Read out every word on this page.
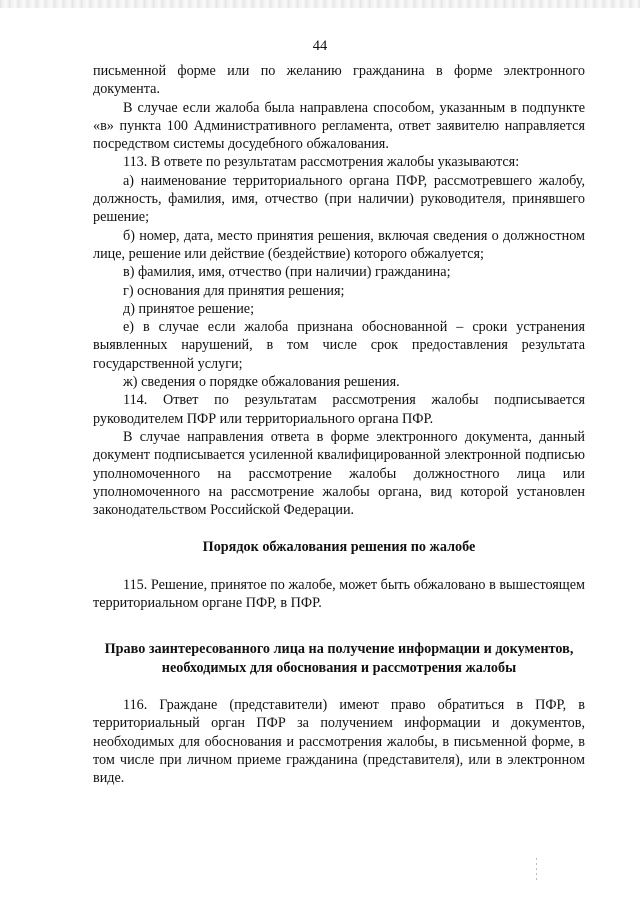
44

письменной форме или по желанию гражданина в форме электронного документа.

В случае если жалоба была направлена способом, указанным в подпункте «в» пункта 100 Административного регламента, ответ заявителю направляется посредством системы досудебного обжалования.

113. В ответе по результатам рассмотрения жалобы указываются:

а) наименование территориального органа ПФР, рассмотревшего жалобу, должность, фамилия, имя, отчество (при наличии) руководителя, принявшего решение;

б) номер, дата, место принятия решения, включая сведения о должностном лице, решение или действие (бездействие) которого обжалуется;

в) фамилия, имя, отчество (при наличии) гражданина;

г) основания для принятия решения;

д) принятое решение;

е) в случае если жалоба признана обоснованной – сроки устранения выявленных нарушений, в том числе срок предоставления результата государственной услуги;

ж) сведения о порядке обжалования решения.

114. Ответ по результатам рассмотрения жалобы подписывается руководителем ПФР или территориального органа ПФР.

В случае направления ответа в форме электронного документа, данный документ подписывается усиленной квалифицированной электронной подписью уполномоченного на рассмотрение жалобы должностного лица или уполномоченного на рассмотрение жалобы органа, вид которой установлен законодательством Российской Федерации.

Порядок обжалования решения по жалобе

115. Решение, принятое по жалобе, может быть обжаловано в вышестоящем территориальном органе ПФР, в ПФР.

Право заинтересованного лица на получение информации и документов, необходимых для обоснования и рассмотрения жалобы

116. Граждане (представители) имеют право обратиться в ПФР, в территориальный орган ПФР за получением информации и документов, необходимых для обоснования и рассмотрения жалобы, в письменной форме, в том числе при личном приеме гражданина (представителя), или в электронном виде.
